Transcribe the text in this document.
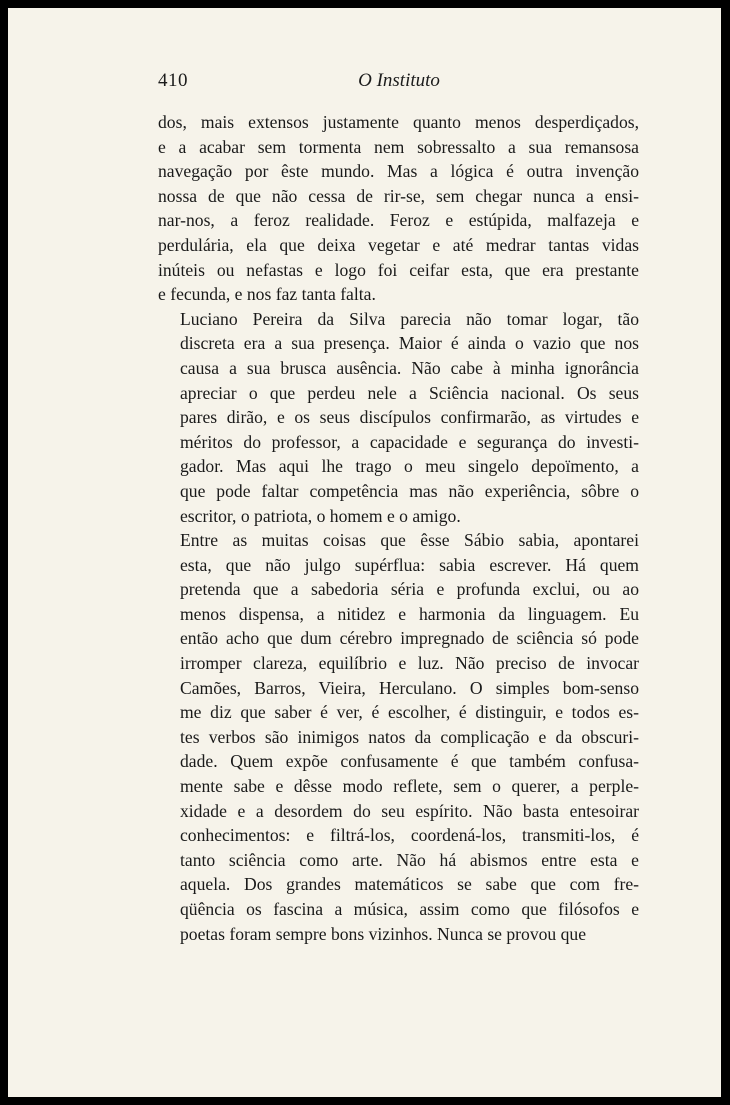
410	O Instituto

dos, mais extensos justamente quanto menos desperdiçados,
e a acabar sem tormenta nem sobressalto a sua remansosa
navegação por êste mundo. Mas a lógica é outra invenção
nossa de que não cessa de rir-se, sem chegar nunca a ensi-
nar-nos, a feroz realidade. Feroz e estúpida, malfazeja e
perdulária, ela que deixa vegetar e até medrar tantas vidas
inúteis ou nefastas e logo foi ceifar esta, que era prestante
e fecunda, e nos faz tanta falta.

Luciano Pereira da Silva parecia não tomar logar, tão
discreta era a sua presença. Maior é ainda o vazio que nos
causa a sua brusca ausência. Não cabe à minha ignorância
apreciar o que perdeu nele a Sciência nacional. Os seus
pares dirão, e os seus discípulos confirmarão, as virtudes e
méritos do professor, a capacidade e segurança do investi-
gador. Mas aqui lhe trago o meu singelo depoïmento, a
que pode faltar competência mas não experiência, sôbre o
escritor, o patriota, o homem e o amigo.

Entre as muitas coisas que êsse Sábio sabia, apontarei
esta, que não julgo supérflua: sabia escrever. Há quem
pretenda que a sabedoria séria e profunda exclui, ou ao
menos dispensa, a nitidez e harmonia da linguagem. Eu
então acho que dum cérebro impregnado de sciência só pode
irromper clareza, equilíbrio e luz. Não preciso de invocar
Camões, Barros, Vieira, Herculano. O simples bom-senso
me diz que saber é ver, é escolher, é distinguir, e todos es-
tes verbos são inimigos natos da complicação e da obscuri-
dade. Quem expõe confusamente é que também confusa-
mente sabe e dêsse modo reflete, sem o querer, a perple-
xidade e a desordem do seu espírito. Não basta entesoirar
conhecimentos: e filtrá-los, coordená-los, transmiti-los, é
tanto sciência como arte. Não há abismos entre esta e
aquela. Dos grandes matemáticos se sabe que com fre-
qüência os fascina a música, assim como que filósofos e
poetas foram sempre bons vizinhos. Nunca se provou que
